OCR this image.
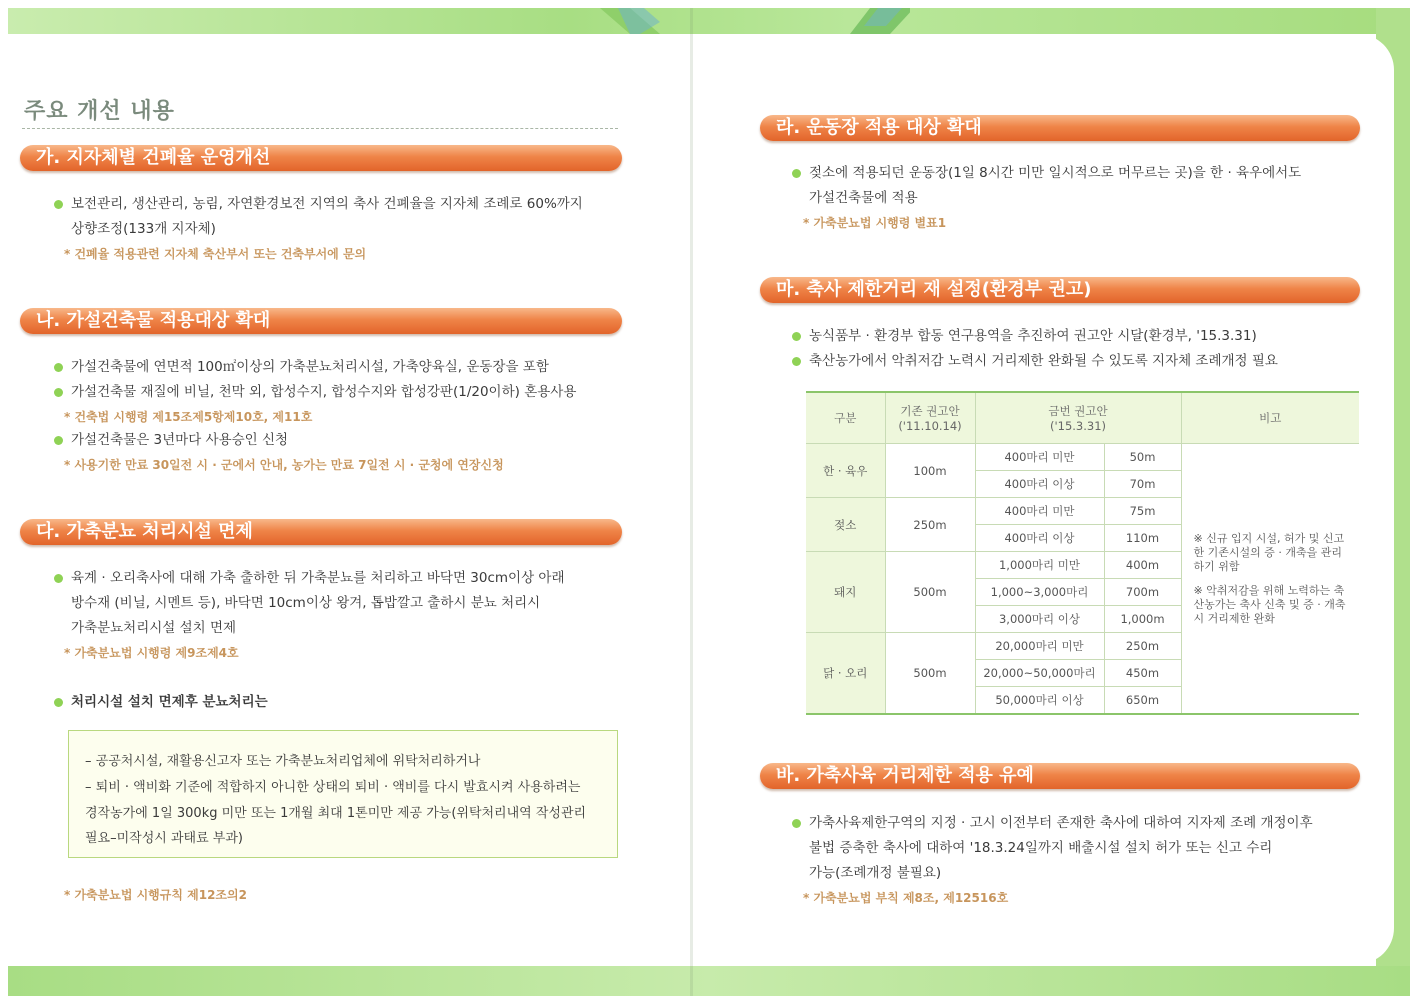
주요 개선 내용
가. 지자체별 건폐율 운영개선
보전관리, 생산관리, 농림, 자연환경보전 지역의 축사 건폐율을 지자체 조례로 60%까지
상향조정(133개 지자체)
* 건폐율 적용관련 지자체 축산부서 또는 건축부서에 문의
나. 가설건축물 적용대상 확대
가설건축물에 연면적 100㎡이상의 가축분뇨처리시설, 가축양육실, 운동장을 포함
가설건축물 재질에 비닐, 천막 외, 합성수지, 합성수지와 합성강판(1/20이하) 혼용사용
* 건축법 시행령 제15조제5항제10호, 제11호
가설건축물은 3년마다 사용승인 신청
* 사용기한 만료 30일전 시 · 군에서 안내, 농가는 만료 7일전 시 · 군청에 연장신청
다. 가축분뇨 처리시설 면제
육계 · 오리축사에 대해 가축 출하한 뒤 가축분뇨를 처리하고 바닥면 30cm이상 아래
방수재 (비닐, 시멘트 등), 바닥면 10cm이상 왕겨, 톱밥깔고 출하시 분뇨 처리시
가축분뇨처리시설 설치 면제
* 가축분뇨법 시행령 제9조제4호
처리시설 설치 면제후 분뇨처리는
– 공공처시설, 재활용신고자 또는 가축분뇨처리업체에 위탁처리하거나
– 퇴비 · 액비화 기준에 적합하지 아니한 상태의 퇴비 · 액비를 다시 발효시켜 사용하려는
경작농가에 1일 300kg 미만 또는 1개월 최대 1톤미만 제공 가능(위탁처리내역 작성관리
필요–미작성시 과태료 부과)
* 가축분뇨법 시행규칙 제12조의2
라. 운동장 적용 대상 확대
젖소에 적용되던 운동장(1일 8시간 미만 일시적으로 머무르는 곳)을 한 · 육우에서도
가설건축물에 적용
* 가축분뇨법 시행령 별표1
마. 축사 제한거리 재 설정(환경부 권고)
농식품부 · 환경부 합동 연구용역을 추진하여 권고안 시달(환경부, '15.3.31)
축산농가에서 악취저감 노력시 거리제한 완화될 수 있도록 지자체 조례개정 필요
구분	기존 권고안
('11.10.14)	금번 권고안
('15.3.31)		비고
한 · 육우	100m	400마리 미만	50m	※ 신규 입지 시설, 허가 및 신고한 기존시설의 증 · 개축을 관리하기 위함
※ 악취저감을 위해 노력하는 축산농가는 축사 신축 및 증 · 개축시 거리제한 완화

		400마리 이상	70m	
젖소	250m	400마리 미만	75m	
		400마리 이상	110m	
돼지	500m	1,000마리 미만	400m	
		1,000~3,000마리	700m	
		3,000마리 이상	1,000m	
닭 · 오리	500m	20,000마리 미만	250m	
		20,000~50,000마리	450m	
		50,000마리 이상	650m	
바. 가축사육 거리제한 적용 유예
가축사육제한구역의 지정 · 고시 이전부터 존재한 축사에 대하여 지자제 조례 개정이후
불법 증축한 축사에 대하여 '18.3.24일까지 배출시설 설치 허가 또는 신고 수리
가능(조례개정 불필요)
* 가축분뇨법 부칙 제8조, 제12516호
